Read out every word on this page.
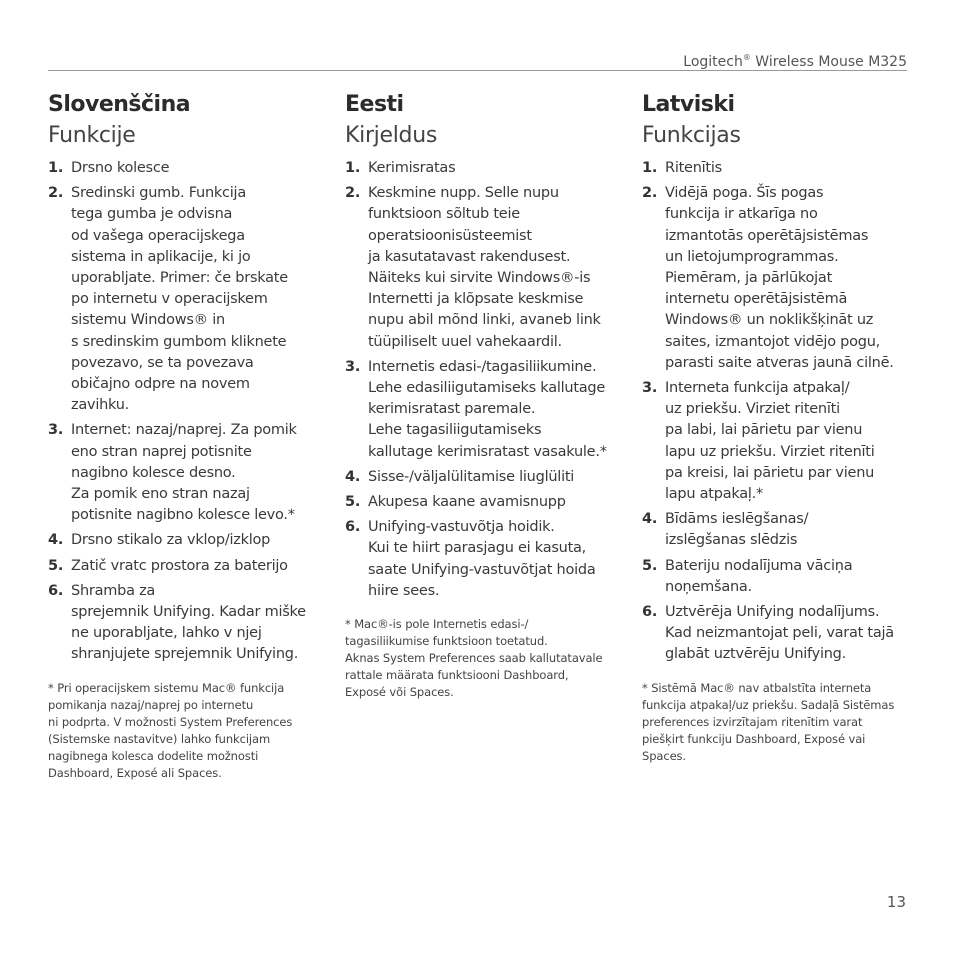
Logitech® Wireless Mouse M325
Slovenščina
Funkcije
1. Drsno kolesce
2. Sredinski gumb. Funkcija
tega gumba je odvisna
od vašega operacijskega
sistema in aplikacije, ki jo
uporabljate. Primer: če brskate
po internetu v operacijskem
sistemu Windows® in
s sredinskim gumbom kliknete
povezavo, se ta povezava
običajno odpre na novem
zavihku.
3. Internet: nazaj/naprej. Za pomik
eno stran naprej potisnite
nagibno kolesce desno.
Za pomik eno stran nazaj
potisnite nagibno kolesce levo.*
4. Drsno stikalo za vklop/izklop
5. Zatič vratc prostora za baterijo
6. Shramba za
sprejemnik Unifying. Kadar miške
ne uporabljate, lahko v njej
shranjujete sprejemnik Unifying.
* Pri operacijskem sistemu Mac® funkcija
pomikanja nazaj/naprej po internetu
ni podprta. V možnosti System Preferences
(Sistemske nastavitve) lahko funkcijam
nagibnega kolesca dodelite možnosti
Dashboard, Exposé ali Spaces.
Eesti
Kirjeldus
1. Kerimisratas
2. Keskmine nupp. Selle nupu
funktsioon sõltub teie
operatsioonisüsteemist
ja kasutatavast rakendusest.
Näiteks kui sirvite Windows®-is
Internetti ja klõpsate keskmise
nupu abil mõnd linki, avaneb link
tüüpiliselt uuel vahekaardil.
3. Internetis edasi-/tagasiliikumine.
Lehe edasiliigutamiseks kallutage
kerimisratast paremale.
Lehe tagasiliigutamiseks
kallutage kerimisratast vasakule.*
4. Sisse-/väljalülitamise liuglüliti
5. Akupesa kaane avamisnupp
6. Unifying-vastuvõtja hoidik.
Kui te hiirt parasjagu ei kasuta,
saate Unifying-vastuvõtjat hoida
hiire sees.
* Mac®-is pole Internetis edasi-/
tagasiliikumise funktsioon toetatud.
Aknas System Preferences saab kallutatavale
rattale määrata funktsiooni Dashboard,
Exposé või Spaces.
Latviski
Funkcijas
1. Ritenītis
2. Vidējā poga. Šīs pogas
funkcija ir atkarīga no
izmantotās operētājsistēmas
un lietojumprogrammas.
Piemēram, ja pārlūkojat
internetu operētājsistēmā
Windows® un noklikšķināt uz
saites, izmantojot vidējo pogu,
parasti saite atveras jaunā cilnē.
3. Interneta funkcija atpakaļ/
uz priekšu. Virziet ritenīti
pa labi, lai pārietu par vienu
lapu uz priekšu. Virziet ritenīti
pa kreisi, lai pārietu par vienu
lapu atpakaļ.*
4. Bīdāms ieslēgšanas/
izslēgšanas slēdzis
5. Bateriju nodalījuma vāciņa
noņemšana.
6. Uztvērēja Unifying nodalījums.
Kad neizmantojat peli, varat tajā
glabāt uztvērēju Unifying.
* Sistēmā Mac® nav atbalstīta interneta
funkcija atpakaļ/uz priekšu. Sadaļā Sistēmas
preferences izvirzītajam ritenītim varat
piešķirt funkciju Dashboard, Exposé vai
Spaces.
13
